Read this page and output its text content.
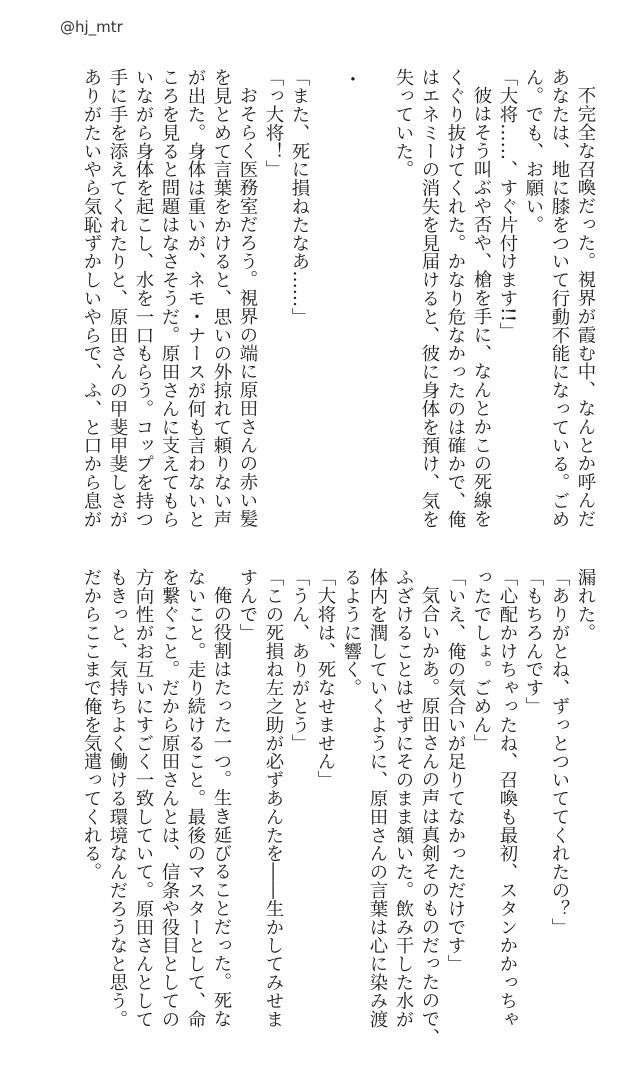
@hj_mtr

不完全な召喚だった。視界が霞む中、なんとか呼んだ
あなたは、地に膝をついて行動不能になっている。ごめ
ん。でも、お願い。
「大将……、すぐ片付けます!!」
彼はそう叫ぶや否や、槍を手に、なんとかこの死線を
くぐり抜けてくれた。かなり危なかったのは確かで、俺
はエネミーの消失を見届けると、彼に身体を預け、気を
失っていた。
・
「また、死に損ねたなあ……」
「っ大将！」
おそらく医務室だろう。視界の端に原田さんの赤い髪
を見とめて言葉をかけると、思いの外掠れて頼りない声
が出た。身体は重いが、ネモ・ナースが何も言わないと
ころを見ると問題はなさそうだ。原田さんに支えてもら
いながら身体を起こし、水を一口もらう。コップを持つ
手に手を添えてくれたりと、原田さんの甲斐甲斐しさが
ありがたいやら気恥ずかしいやらで、ふ、と口から息が
漏れた。
「ありがとね、ずっとついててくれたの？」
「もちろんです」
「心配かけちゃったね、召喚も最初、スタンかかっちゃ
ったでしょ。ごめん」
「いえ、俺の気合いが足りてなかっただけです」
気合いかあ。原田さんの声は真剣そのものだったので、
ふざけることはせずにそのまま頷いた。飲み干した水が
体内を潤していくように、原田さんの言葉は心に染み渡
るように響く。
「大将は、死なせません」
「うん、ありがとう」
「この死損ね左之助が必ずあんたを――生かしてみせま
すんで」
俺の役割はたった一つ。生き延びることだった。死な
ないこと。走り続けること。最後のマスターとして、命
を繋ぐこと。だから原田さんとは、信条や役目としての
方向性がお互いにすごく一致していて。原田さんとして
もきっと、気持ちよく働ける環境なんだろうなと思う。
だからここまで俺を気遣ってくれる。
